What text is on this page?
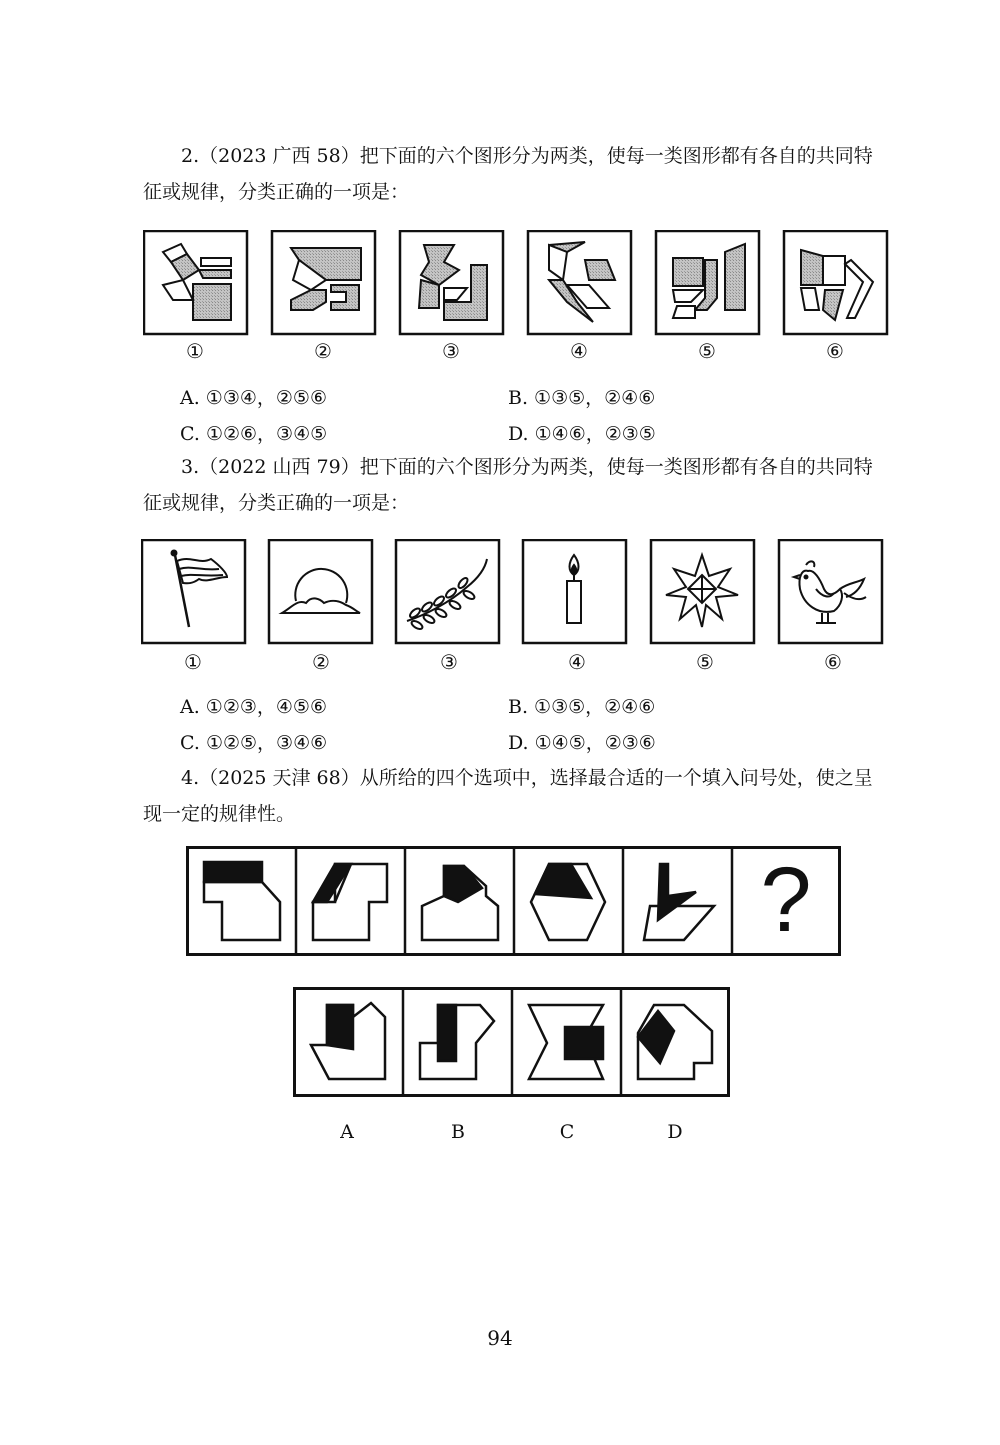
2.（2023 广西 58）把下面的六个图形分为两类，使每一类图形都有各自的共同特征或规律，分类正确的一项是：

①	②	③	④	⑤	⑥
A. ①③④，②⑤⑥	B. ①③⑤，②④⑥
C. ①②⑥，③④⑤	D. ①④⑥，②③⑤

3.（2022 山西 79）把下面的六个图形分为两类，使每一类图形都有各自的共同特征或规律，分类正确的一项是：

①	②	③	④	⑤	⑥
A. ①②③，④⑤⑥	B. ①③⑤，②④⑥
C. ①②⑤，③④⑥	D. ①④⑤，②③⑥

4.（2025 天津 68）从所给的四个选项中，选择最合适的一个填入问号处，使之呈现一定的规律性。

?
A	B	C	D
94
